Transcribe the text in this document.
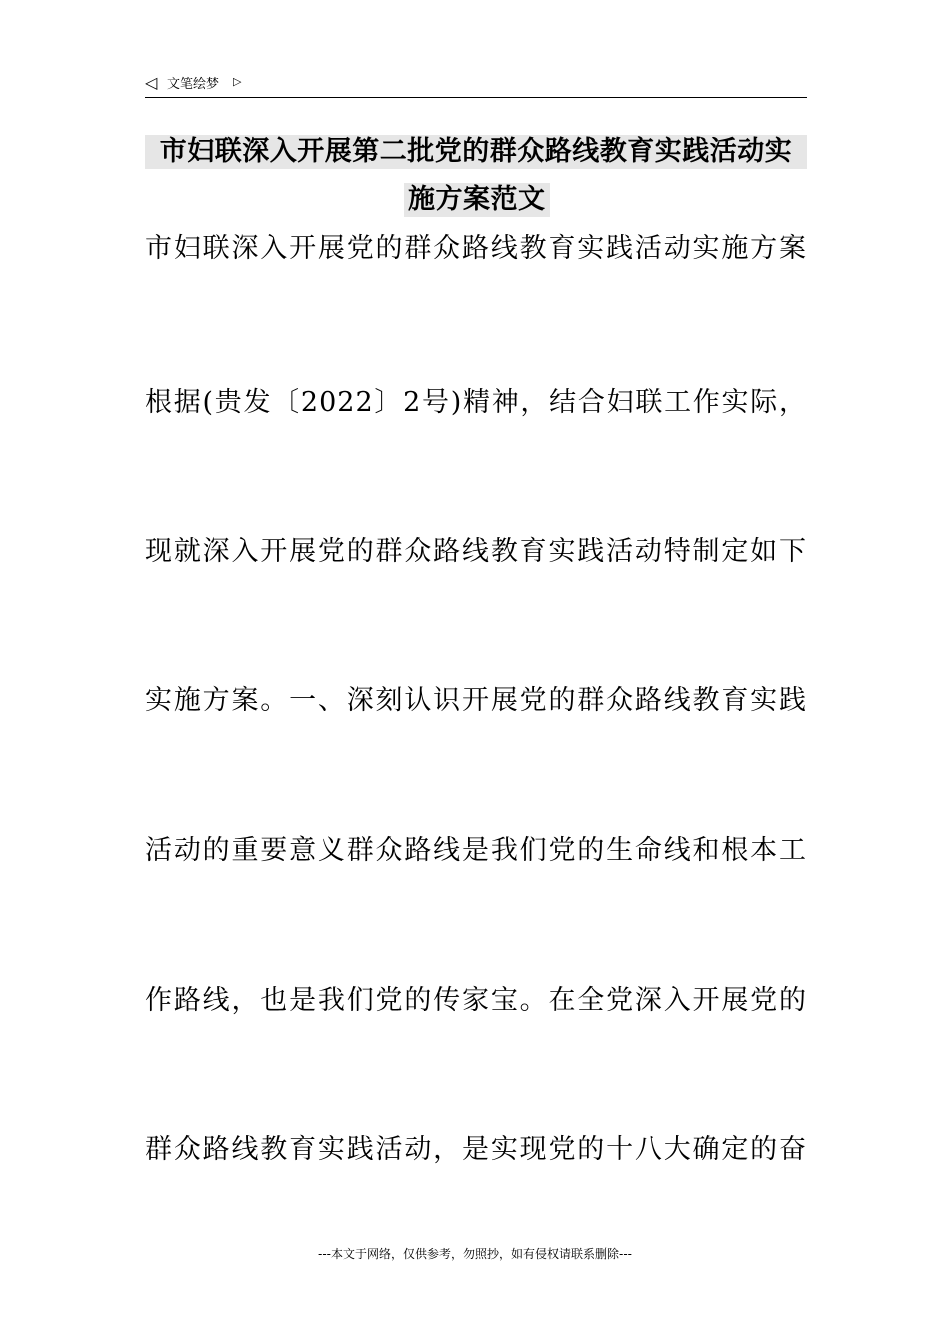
◁ 文笔绘梦 ▷
市妇联深入开展第二批党的群众路线教育实践活动实
施方案范文
市妇联深入开展党的群众路线教育实践活动实施方案
根据(贵发〔2022〕2号)精神，结合妇联工作实际，
现就深入开展党的群众路线教育实践活动特制定如下
实施方案。一、深刻认识开展党的群众路线教育实践
活动的重要意义群众路线是我们党的生命线和根本工
作路线，也是我们党的传家宝。在全党深入开展党的
群众路线教育实践活动，是实现党的十八大确定的奋
---本文于网络，仅供参考，勿照抄，如有侵权请联系删除---
